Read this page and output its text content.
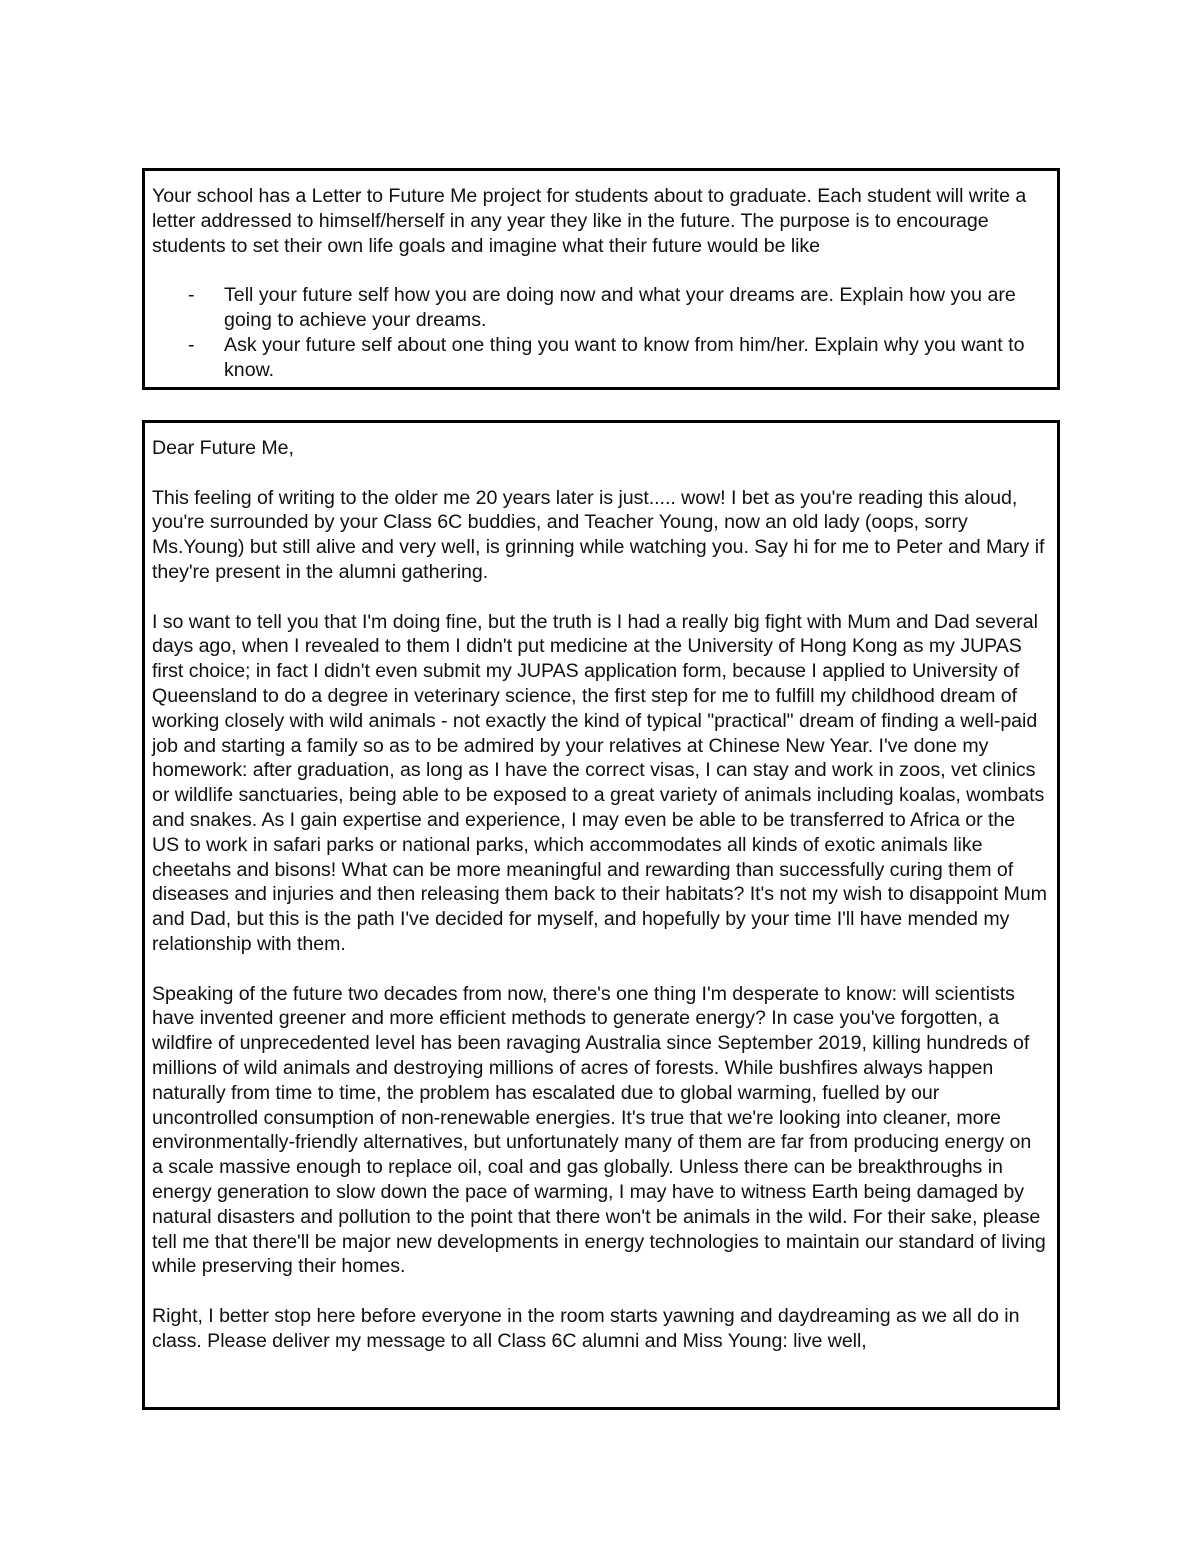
Your school has a Letter to Future Me project for students about to graduate. Each student will write a letter addressed to himself/herself in any year they like in the future. The purpose is to encourage students to set their own life goals and imagine what their future would be like

- Tell your future self how you are doing now and what your dreams are. Explain how you are going to achieve your dreams.
- Ask your future self about one thing you want to know from him/her. Explain why you want to know.

Dear Future Me,

This feeling of writing to the older me 20 years later is just..... wow! I bet as you're reading this aloud, you're surrounded by your Class 6C buddies, and Teacher Young, now an old lady (oops, sorry Ms.Young) but still alive and very well, is grinning while watching you. Say hi for me to Peter and Mary if they're present in the alumni gathering.

I so want to tell you that I'm doing fine, but the truth is I had a really big fight with Mum and Dad several days ago, when I revealed to them I didn't put medicine at the University of Hong Kong as my JUPAS first choice; in fact I didn't even submit my JUPAS application form, because I applied to University of Queensland to do a degree in veterinary science, the first step for me to fulfill my childhood dream of working closely with wild animals - not exactly the kind of typical "practical" dream of finding a well-paid job and starting a family so as to be admired by your relatives at Chinese New Year. I've done my homework: after graduation, as long as I have the correct visas, I can stay and work in zoos, vet clinics or wildlife sanctuaries, being able to be exposed to a great variety of animals including koalas, wombats and snakes. As I gain expertise and experience, I may even be able to be transferred to Africa or the US to work in safari parks or national parks, which accommodates all kinds of exotic animals like cheetahs and bisons! What can be more meaningful and rewarding than successfully curing them of diseases and injuries and then releasing them back to their habitats? It's not my wish to disappoint Mum and Dad, but this is the path I've decided for myself, and hopefully by your time I'll have mended my relationship with them.

Speaking of the future two decades from now, there's one thing I'm desperate to know: will scientists have invented greener and more efficient methods to generate energy? In case you've forgotten, a wildfire of unprecedented level has been ravaging Australia since September 2019, killing hundreds of millions of wild animals and destroying millions of acres of forests. While bushfires always happen naturally from time to time, the problem has escalated due to global warming, fuelled by our uncontrolled consumption of non-renewable energies. It's true that we're looking into cleaner, more environmentally-friendly alternatives, but unfortunately many of them are far from producing energy on a scale massive enough to replace oil, coal and gas globally. Unless there can be breakthroughs in energy generation to slow down the pace of warming, I may have to witness Earth being damaged by natural disasters and pollution to the point that there won't be animals in the wild. For their sake, please tell me that there'll be major new developments in energy technologies to maintain our standard of living while preserving their homes.

Right, I better stop here before everyone in the room starts yawning and daydreaming as we all do in class. Please deliver my message to all Class 6C alumni and Miss Young: live well,
